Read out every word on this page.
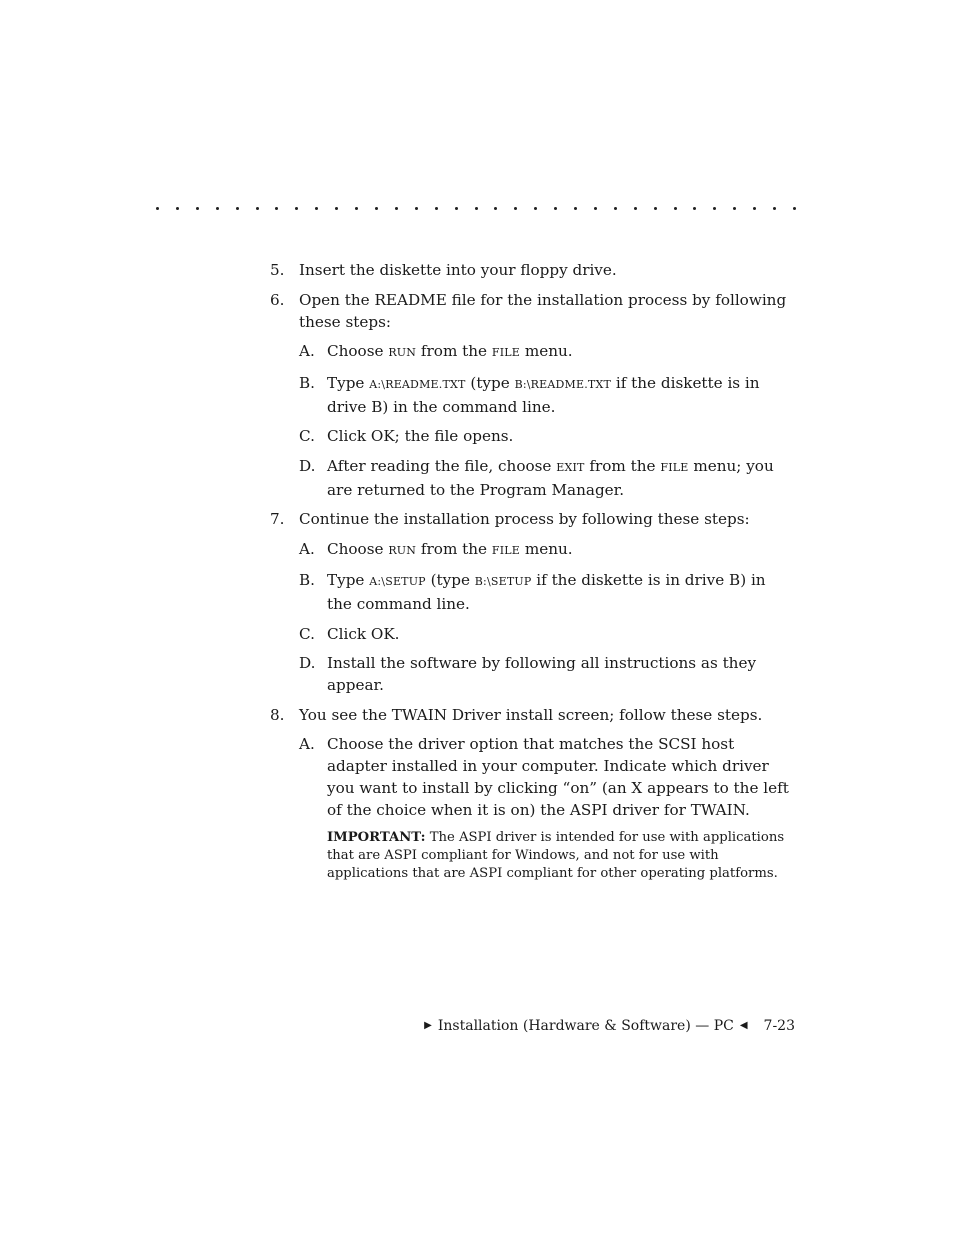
5. Insert the diskette into your floppy drive.
6. Open the README file for the installation process by following these steps:
A. Choose RUN from the FILE menu.
B. Type A:\README.TXT (type B:\README.TXT if the diskette is in drive B) in the command line.
C. Click OK; the file opens.
D. After reading the file, choose EXIT from the FILE menu; you are returned to the Program Manager.
7. Continue the installation process by following these steps:
A. Choose RUN from the FILE menu.
B. Type A:\SETUP (type B:\SETUP if the diskette is in drive B) in the command line.
C. Click OK.
D. Install the software by following all instructions as they appear.
8. You see the TWAIN Driver install screen; follow these steps.
A. Choose the driver option that matches the SCSI host adapter installed in your computer. Indicate which driver you want to install by clicking “on” (an X appears to the left of the choice when it is on) the ASPI driver for TWAIN.
IMPORTANT: The ASPI driver is intended for use with applications that are ASPI compliant for Windows, and not for use with applications that are ASPI compliant for other operating platforms.
▶ Installation (Hardware & Software) — PC ◀ 7-23
